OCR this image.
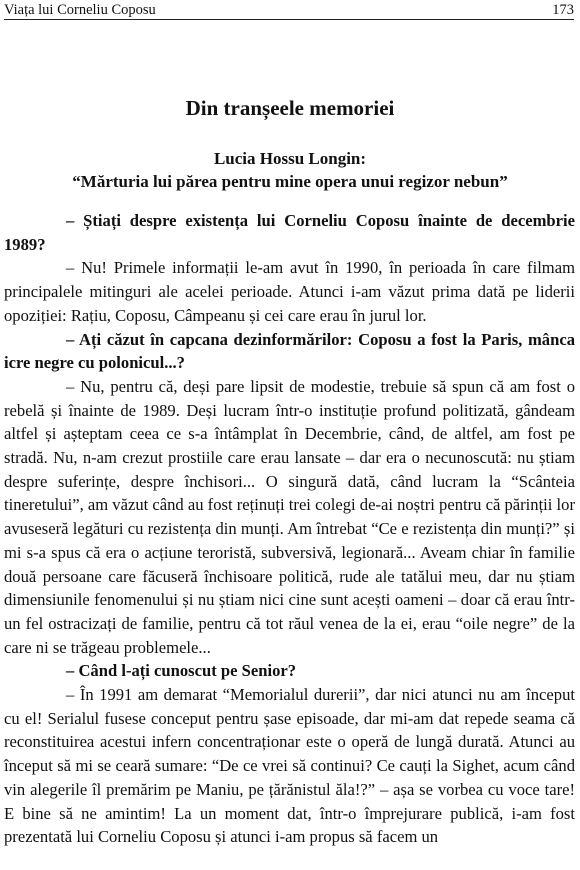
Viața lui Corneliu Coposu	173
Din tranșeele memoriei
Lucia Hossu Longin:
“Mărturia lui părea pentru mine opera unui regizor nebun”

– Știați despre existența lui Corneliu Coposu înainte de decembrie 1989?

– Nu! Primele informații le-am avut în 1990, în perioada în care filmam principalele mitinguri ale acelei perioade. Atunci i-am văzut prima dată pe liderii opoziției: Rațiu, Coposu, Câmpeanu și cei care erau în jurul lor.

– Ați căzut în capcana dezinformărilor: Coposu a fost la Paris, mânca icre negre cu polonicul...?

– Nu, pentru că, deși pare lipsit de modestie, trebuie să spun că am fost o rebelă și înainte de 1989. Deși lucram într-o instituție profund politizată, gândeam altfel și așteptam ceea ce s-a întâmplat în Decembrie, când, de altfel, am fost pe stradă. Nu, n-am crezut prostiile care erau lansate – dar era o necunoscută: nu știam despre suferințe, despre închisori... O singură dată, când lucram la “Scânteia tineretului”, am văzut când au fost reținuți trei colegi de-ai noștri pentru că părinții lor avuseseră legături cu rezistența din munți. Am întrebat “Ce e rezistența din munți?” și mi s-a spus că era o acțiune teroristă, subversivă, legionară... Aveam chiar în familie două persoane care făcuseră închisoare politică, rude ale tatălui meu, dar nu știam dimensiunile fenomenului și nu știam nici cine sunt acești oameni – doar că erau într-un fel ostracizați de familie, pentru că tot răul venea de la ei, erau “oile negre” de la care ni se trăgeau problemele...

– Când l-ați cunoscut pe Senior?

– În 1991 am demarat “Memorialul durerii”, dar nici atunci nu am început cu el! Serialul fusese conceput pentru șase episoade, dar mi-am dat repede seama că reconstituirea acestui infern concentraționar este o operă de lungă durată. Atunci au început să mi se ceară sumare: “De ce vrei să continui? Ce cauți la Sighet, acum când vin alegerile îl premărim pe Maniu, pe țărănistul ăla!?” – așa se vorbea cu voce tare! E bine să ne amintim! La un moment dat, într-o împrejurare publică, i-am fost prezentată lui Corneliu Coposu și atunci i-am propus să facem un
